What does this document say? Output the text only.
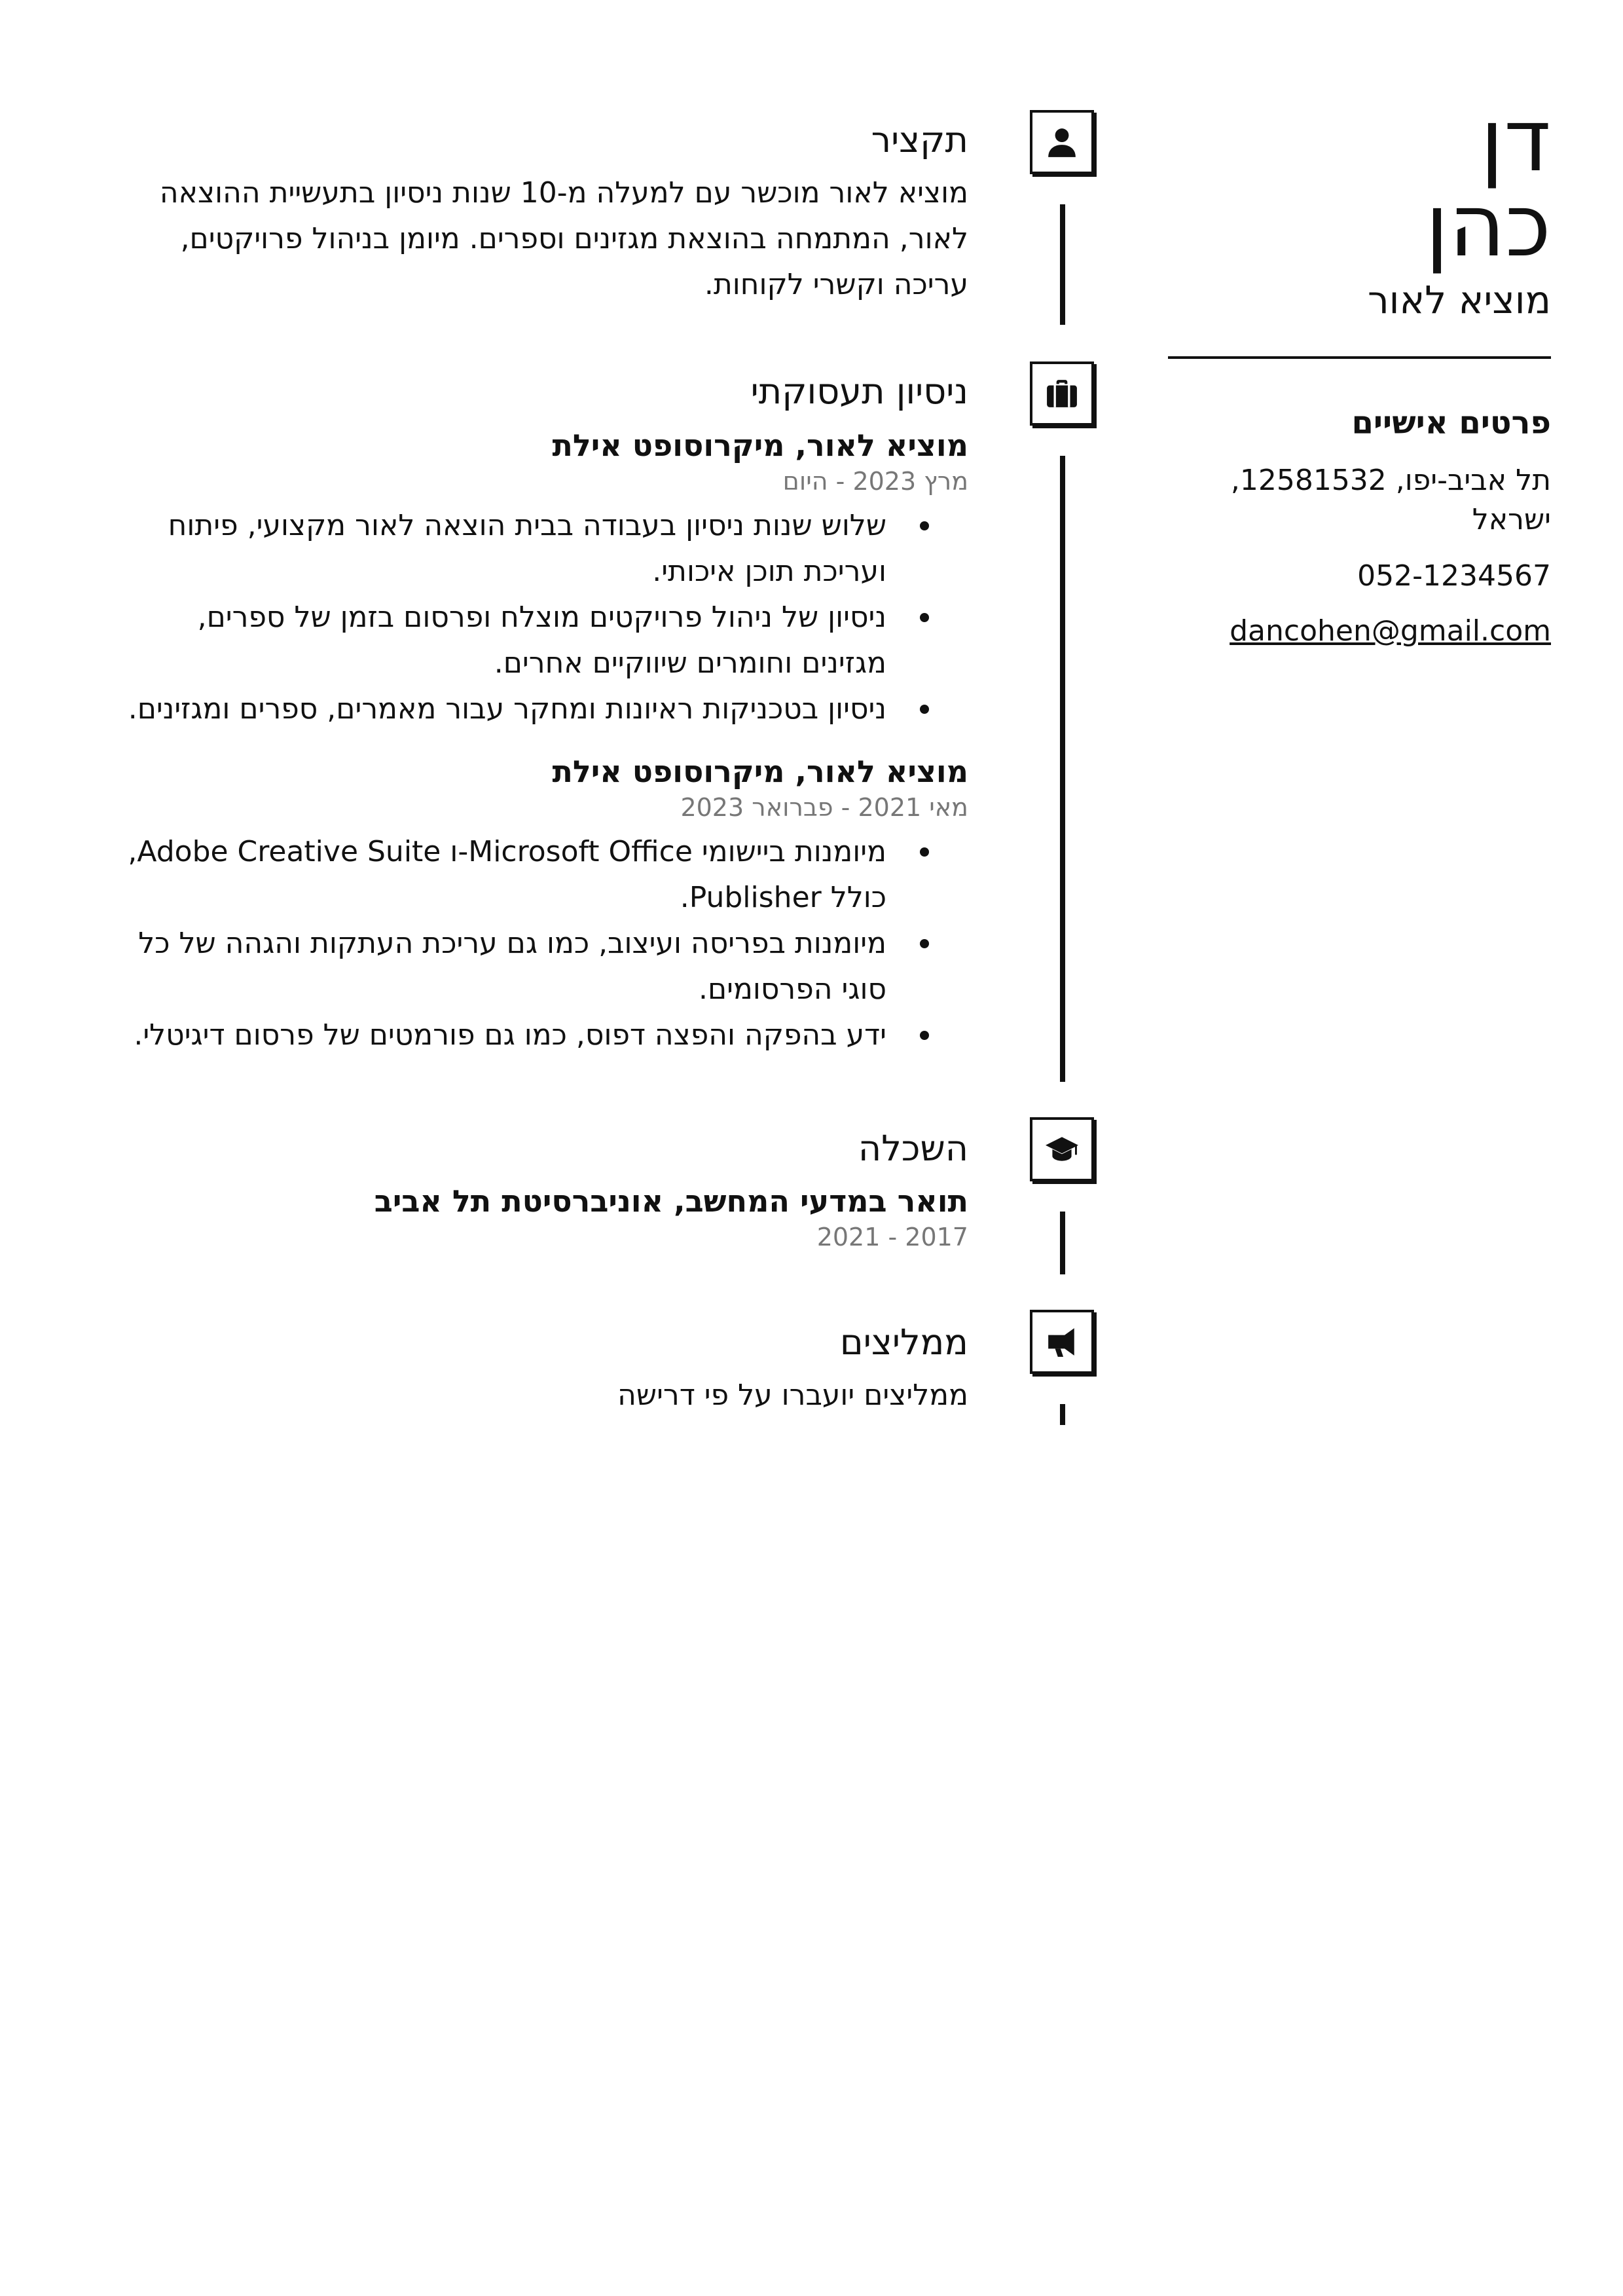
דן
כהן
מוציא לאור
פרטים אישיים
תל אביב-יפו, 12581532, ישראל
052-1234567
dancohen@gmail.com
תקציר
מוציא לאור מוכשר עם למעלה מ-10 שנות ניסיון בתעשיית ההוצאה לאור, המתמחה בהוצאת מגזינים וספרים. מיומן בניהול פרויקטים, עריכה וקשרי לקוחות.
ניסיון תעסוקתי
מוציא לאור, מיקרוסופט אילת
מרץ 2023 - היום
שלוש שנות ניסיון בעבודה בבית הוצאה לאור מקצועי, פיתוח ועריכת תוכן איכותי.
ניסיון של ניהול פרויקטים מוצלח ופרסום בזמן של ספרים, מגזינים וחומרים שיווקיים אחרים.
ניסיון בטכניקות ראיונות ומחקר עבור מאמרים, ספרים ומגזינים.
מוציא לאור, מיקרוסופט אילת
מאי 2021 - פברואר 2023
מיומנות ביישומי Microsoft Office-ו Adobe Creative Suite, כולל Publisher.
מיומנות בפריסה ועיצוב, כמו גם עריכת העתקות והגהה של כל סוגי הפרסומים.
ידע בהפקה והפצה דפוס, כמו גם פורמטים של פרסום דיגיטלי.
השכלה
תואר במדעי המחשב, אוניברסיטת תל אביב
2017 - 2021
ממליצים
ממליצים יועברו על פי דרישה
